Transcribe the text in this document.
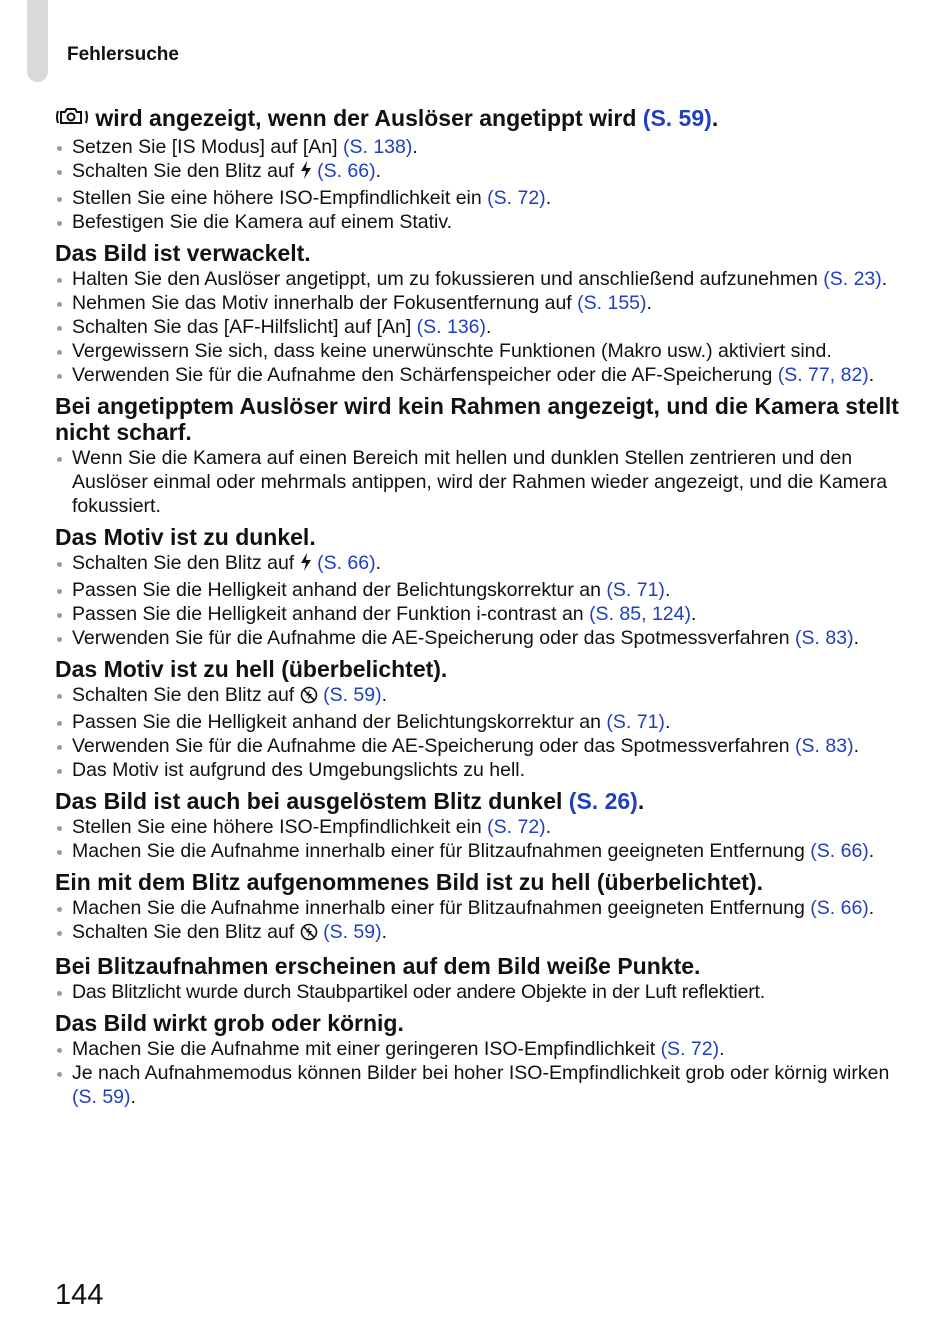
Fehlersuche
wird angezeigt, wenn der Auslöser angetippt wird (S. 59).
Setzen Sie [IS Modus] auf [An] (S. 138).
Schalten Sie den Blitz auf (S. 66).
Stellen Sie eine höhere ISO-Empfindlichkeit ein (S. 72).
Befestigen Sie die Kamera auf einem Stativ.
Das Bild ist verwackelt.
Halten Sie den Auslöser angetippt, um zu fokussieren und anschließend aufzunehmen (S. 23).
Nehmen Sie das Motiv innerhalb der Fokusentfernung auf (S. 155).
Schalten Sie das [AF-Hilfslicht] auf [An] (S. 136).
Vergewissern Sie sich, dass keine unerwünschte Funktionen (Makro usw.) aktiviert sind.
Verwenden Sie für die Aufnahme den Schärfenspeicher oder die AF-Speicherung (S. 77, 82).
Bei angetipptem Auslöser wird kein Rahmen angezeigt, und die Kamera stellt nicht scharf.
Wenn Sie die Kamera auf einen Bereich mit hellen und dunklen Stellen zentrieren und den Auslöser einmal oder mehrmals antippen, wird der Rahmen wieder angezeigt, und die Kamera fokussiert.
Das Motiv ist zu dunkel.
Schalten Sie den Blitz auf (S. 66).
Passen Sie die Helligkeit anhand der Belichtungskorrektur an (S. 71).
Passen Sie die Helligkeit anhand der Funktion i-contrast an (S. 85, 124).
Verwenden Sie für die Aufnahme die AE-Speicherung oder das Spotmessverfahren (S. 83).
Das Motiv ist zu hell (überbelichtet).
Schalten Sie den Blitz auf (S. 59).
Passen Sie die Helligkeit anhand der Belichtungskorrektur an (S. 71).
Verwenden Sie für die Aufnahme die AE-Speicherung oder das Spotmessverfahren (S. 83).
Das Motiv ist aufgrund des Umgebungslichts zu hell.
Das Bild ist auch bei ausgelöstem Blitz dunkel (S. 26).
Stellen Sie eine höhere ISO-Empfindlichkeit ein (S. 72).
Machen Sie die Aufnahme innerhalb einer für Blitzaufnahmen geeigneten Entfernung (S. 66).
Ein mit dem Blitz aufgenommenes Bild ist zu hell (überbelichtet).
Machen Sie die Aufnahme innerhalb einer für Blitzaufnahmen geeigneten Entfernung (S. 66).
Schalten Sie den Blitz auf (S. 59).
Bei Blitzaufnahmen erscheinen auf dem Bild weiße Punkte.
Das Blitzlicht wurde durch Staubpartikel oder andere Objekte in der Luft reflektiert.
Das Bild wirkt grob oder körnig.
Machen Sie die Aufnahme mit einer geringeren ISO-Empfindlichkeit (S. 72).
Je nach Aufnahmemodus können Bilder bei hoher ISO-Empfindlichkeit grob oder körnig wirken (S. 59).
144
